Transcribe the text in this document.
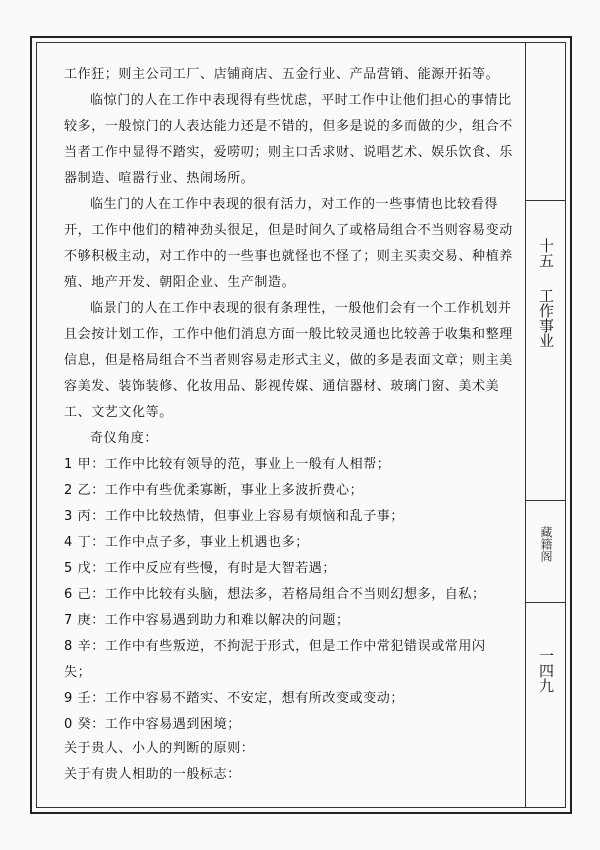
工作狂；则主公司工厂、店铺商店、五金行业、产品营销、能源开拓等。

临惊门的人在工作中表现得有些忧虑，平时工作中让他们担心的事情比

较多，一般惊门的人表达能力还是不错的，但多是说的多而做的少，组合不

当者工作中显得不踏实，爱唠叨；则主口舌求财、说唱艺术、娱乐饮食、乐

器制造、喧嚣行业、热闹场所。

临生门的人在工作中表现的很有活力，对工作的一些事情也比较看得

开，工作中他们的精神劲头很足，但是时间久了或格局组合不当则容易变动

不够积极主动，对工作中的一些事也就怪也不怪了；则主买卖交易、种植养

殖、地产开发、朝阳企业、生产制造。

临景门的人在工作中表现的很有条理性，一般他们会有一个工作机划并

且会按计划工作，工作中他们消息方面一般比较灵通也比较善于收集和整理

信息，但是格局组合不当者则容易走形式主义，做的多是表面文章；则主美

容美发、装饰装修、化妆用品、影视传媒、通信器材、玻璃门窗、美术美

工、文艺文化等。

奇仪角度：

1 甲：工作中比较有领导的范，事业上一般有人相帮；

2 乙：工作中有些优柔寡断，事业上多波折费心；

3 丙：工作中比较热情，但事业上容易有烦恼和乱子事；

4 丁：工作中点子多，事业上机遇也多；

5 戊：工作中反应有些慢，有时是大智若遇；

6 己：工作中比较有头脑，想法多，若格局组合不当则幻想多，自私；

7 庚：工作中容易遇到助力和难以解决的问题；

8 辛：工作中有些叛逆，不拘泥于形式，但是工作中常犯错误或常用闪

失；

9 壬：工作中容易不踏实、不安定，想有所改变或变动；

0 癸：工作中容易遇到困境；

关于贵人、小人的判断的原则：

关于有贵人相助的一般标志：

十五
工作事业
藏籍阁
一四九
